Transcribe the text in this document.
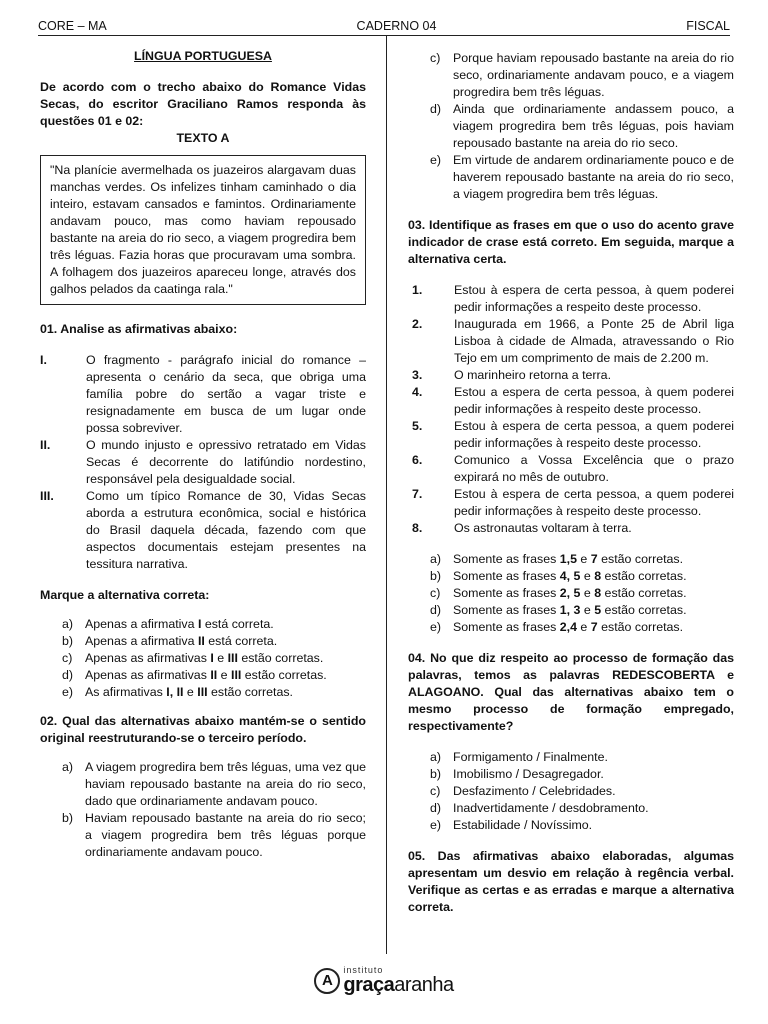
CORE – MA	CADERNO 04	FISCAL
LÍNGUA PORTUGUESA
De acordo com o trecho abaixo do Romance Vidas Secas, do escritor Graciliano Ramos responda às questões 01 e 02:
TEXTO A
"Na planície avermelhada os juazeiros alargavam duas manchas verdes. Os infelizes tinham caminhado o dia inteiro, estavam cansados e famintos. Ordinariamente andavam pouco, mas como haviam repousado bastante na areia do rio seco, a viagem progredira bem três léguas. Fazia horas que procuravam uma sombra. A folhagem dos juazeiros apareceu longe, através dos galhos pelados da caatinga rala."
01. Analise as afirmativas abaixo:
I.	O fragmento - parágrafo inicial do romance – apresenta o cenário da seca, que obriga uma família pobre do sertão a vagar triste e resignadamente em busca de um lugar onde possa sobreviver.
II.	O mundo injusto e opressivo retratado em Vidas Secas é decorrente do latifúndio nordestino, responsável pela desigualdade social.
III.	Como um típico Romance de 30, Vidas Secas aborda a estrutura econômica, social e histórica do Brasil daquela década, fazendo com que aspectos documentais estejam presentes na tessitura narrativa.
Marque a alternativa correta:
a) Apenas a afirmativa I está correta.
b) Apenas a afirmativa II está correta.
c)	Apenas as afirmativas I e III estão corretas.
d) Apenas as afirmativas II e III estão corretas.
e) As afirmativas I, II e III estão corretas.
02. Qual das alternativas abaixo mantém-se o sentido original reestruturando-se o terceiro período.
a) A viagem progredira bem três léguas, uma vez que haviam repousado bastante na areia do rio seco, dado que ordinariamente andavam pouco.
b) Haviam repousado bastante na areia do rio seco; a viagem progredira bem três léguas porque ordinariamente andavam pouco.
c)	Porque haviam repousado bastante na areia do rio seco, ordinariamente andavam pouco, e a viagem progredira bem três léguas.
d) Ainda que ordinariamente andassem pouco, a viagem progredira bem três léguas, pois haviam repousado bastante na areia do rio seco.
e) Em virtude de andarem ordinariamente pouco e de haverem repousado bastante na areia do rio seco, a viagem progredira bem três léguas.
03. Identifique as frases em que o uso do acento grave indicador de crase está correto. Em seguida, marque a alternativa certa.
1.	Estou à espera de certa pessoa, à quem poderei pedir informações a respeito deste processo.
2.	Inaugurada em 1966, a Ponte 25 de Abril liga Lisboa à cidade de Almada, atravessando o Rio Tejo em um comprimento de mais de 2.200 m.
3.	O marinheiro retorna a terra.
4.	Estou a espera de certa pessoa, à quem poderei pedir informações à respeito deste processo.
5.	Estou à espera de certa pessoa, a quem poderei pedir informações à respeito deste processo.
6.	Comunico a Vossa Excelência que o prazo expirará no mês de outubro.
7.	Estou à espera de certa pessoa, a quem poderei pedir informações à respeito deste processo.
8.	Os astronautas voltaram à terra.
a) Somente as frases 1,5 e 7 estão corretas.
b) Somente as frases 4, 5 e 8 estão corretas.
c)	Somente as frases 2, 5 e 8 estão corretas.
d) Somente as frases 1, 3 e 5 estão corretas.
e) Somente as frases 2,4 e 7 estão corretas.
04. No que diz respeito ao processo de formação das palavras, temos as palavras REDESCOBERTA e ALAGOANO. Qual das alternativas abaixo tem o mesmo processo de formação empregado, respectivamente?
a) Formigamento / Finalmente.
b) Imobilismo / Desagregador.
c)	Desfazimento / Celebridades.
d) Inadvertidamente / desdobramento.
e) Estabilidade / Novíssimo.
05. Das afirmativas abaixo elaboradas, algumas apresentam um desvio em relação à regência verbal. Verifique as certas e as erradas e marque a alternativa correta.
A
instituto
graçaaranha
